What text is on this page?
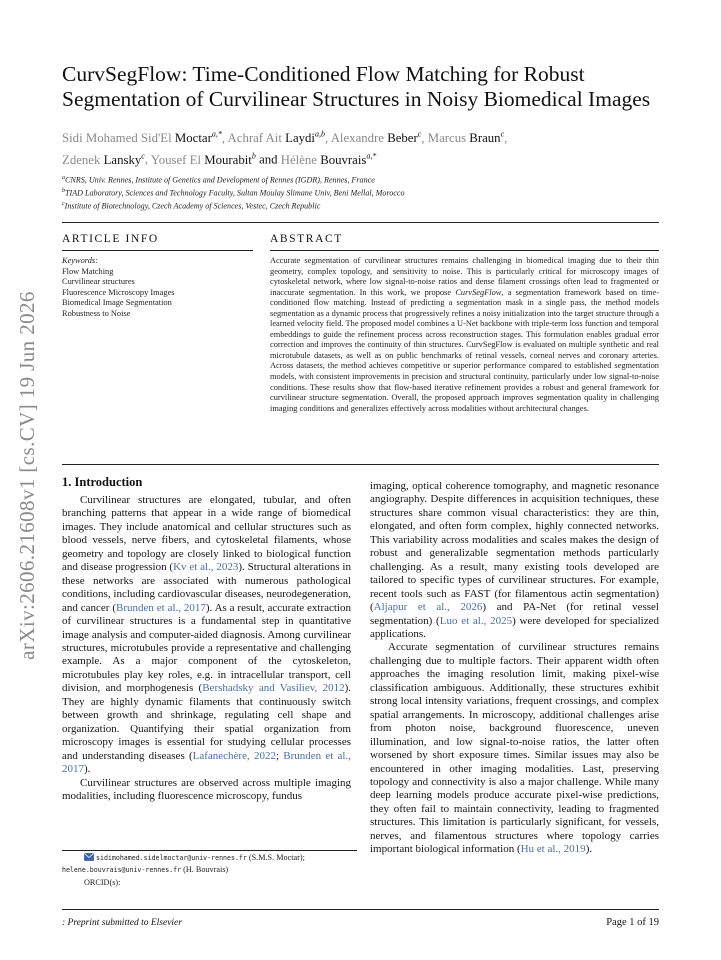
arXiv:2606.21608v1 [cs.CV] 19 Jun 2026
CurvSegFlow: Time-Conditioned Flow Matching for Robust Segmentation of Curvilinear Structures in Noisy Biomedical Images
Sidi Mohamed Sid'El Moctar$^{a,*}$, Achraf Ait Laydi$^{a,b}$, Alexandre Beber$^c$, Marcus Braun$^c$,
Zdenek Lansky$^c$, Yousef El Mourabit$^b$ and Hélène Bouvrais$^{a,*}$
$^a$CNRS, Univ. Rennes, Institute of Genetics and Development of Rennes (IGDR), Rennes, France
$^b$TIAD Laboratory, Sciences and Technology Faculty, Sultan Moulay Slimane Univ, Beni Mellal, Morocco
$^c$Institute of Biotechnology, Czech Academy of Sciences, Vestec, Czech Republic
ARTICLE INFO
Keywords:
Flow Matching
Curvilinear structures
Fluorescence Microscopy Images
Biomedical Image Segmentation
Robustness to Noise
ABSTRACT
Accurate segmentation of curvilinear structures remains challenging in biomedical imaging due to their thin geometry, complex topology, and sensitivity to noise. This is particularly critical for microscopy images of cytoskeletal network, where low signal-to-noise ratios and dense filament crossings often lead to fragmented or inaccurate segmentation. In this work, we propose CurvSegFlow, a segmentation framework based on time-conditioned flow matching. Instead of predicting a segmentation mask in a single pass, the method models segmentation as a dynamic process that progressively refines a noisy initialization into the target structure through a learned velocity field. The proposed model combines a U-Net backbone with triple-term loss function and temporal embeddings to guide the refinement process across reconstruction stages. This formulation enables gradual error correction and improves the continuity of thin structures. CurvSegFlow is evaluated on multiple synthetic and real microtubule datasets, as well as on public benchmarks of retinal vessels, corneal nerves and coronary arteries. Across datasets, the method achieves competitive or superior performance compared to established segmentation models, with consistent improvements in precision and structural continuity, particularly under low signal-to-noise conditions. These results show that flow-based iterative refinement provides a robust and general framework for curvilinear structure segmentation. Overall, the proposed approach improves segmentation quality in challenging imaging conditions and generalizes effectively across modalities without architectural changes.
1. Introduction

Curvilinear structures are elongated, tubular, and often branching patterns that appear in a wide range of biomedical images. They include anatomical and cellular structures such as blood vessels, nerve fibers, and cytoskeletal filaments, whose geometry and topology are closely linked to biological function and disease progression (Kv et al., 2023). Structural alterations in these networks are associated with numerous pathological conditions, including cardiovascular diseases, neurodegeneration, and cancer (Brunden et al., 2017). As a result, accurate extraction of curvilinear structures is a fundamental step in quantitative image analysis and computer-aided diagnosis. Among curvilinear structures, microtubules provide a representative and challenging example. As a major component of the cytoskeleton, microtubules play key roles, e.g. in intracellular transport, cell division, and morphogenesis (Bershadsky and Vasiliev, 2012). They are highly dynamic filaments that continuously switch between growth and shrinkage, regulating cell shape and organization. Quantifying their spatial organization from microscopy images is essential for studying cellular processes and understanding diseases (Lafanechère, 2022; Brunden et al., 2017).

Curvilinear structures are observed across multiple imaging modalities, including fluorescence microscopy, fundus

imaging, optical coherence tomography, and magnetic resonance angiography. Despite differences in acquisition techniques, these structures share common visual characteristics: they are thin, elongated, and often form complex, highly connected networks. This variability across modalities and scales makes the design of robust and generalizable segmentation methods particularly challenging. As a result, many existing tools developed are tailored to specific types of curvilinear structures. For example, recent tools such as FAST (for filamentous actin segmentation) (Aljapur et al., 2026) and PA-Net (for retinal vessel segmentation) (Luo et al., 2025) were developed for specialized applications.

Accurate segmentation of curvilinear structures remains challenging due to multiple factors. Their apparent width often approaches the imaging resolution limit, making pixel-wise classification ambiguous. Additionally, these structures exhibit strong local intensity variations, frequent crossings, and complex spatial arrangements. In microscopy, additional challenges arise from photon noise, background fluorescence, uneven illumination, and low signal-to-noise ratios, the latter often worsened by short exposure times. Similar issues may also be encountered in other imaging modalities. Last, preserving topology and connectivity is also a major challenge. While many deep learning models produce accurate pixel-wise predictions, they often fail to maintain connectivity, leading to fragmented structures. This limitation is particularly significant, for vessels, nerves, and filamentous structures where topology carries important biological information (Hu et al., 2019).

sidimohamed.sidelmoctar@univ-rennes.fr (S.M.S. Moctar);
helene.bouvrais@univ-rennes.fr (H. Bouvrais)
ORCID(s):
: Preprint submitted to Elsevier	Page 1 of 19
